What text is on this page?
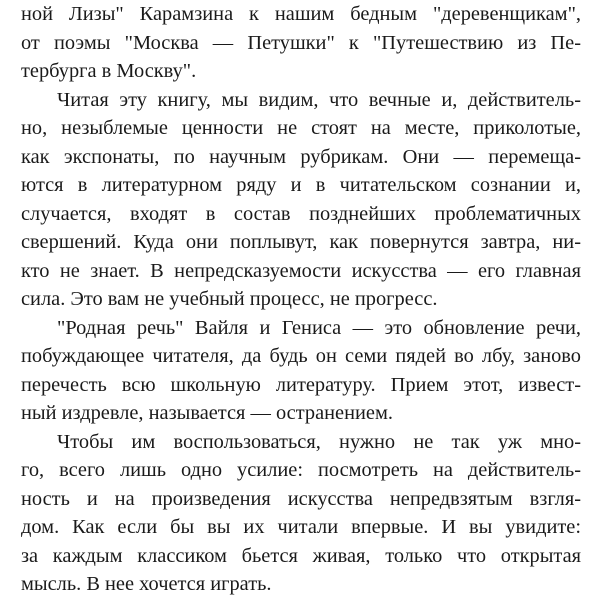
ной Лизы" Карамзина к нашим бедным "деревенщикам",
от поэмы "Москва — Петушки" к "Путешествию из Пе-
тербурга в Москву".
Читая эту книгу, мы видим, что вечные и, действитель-
но, незыблемые ценности не стоят на месте, приколотые,
как экспонаты, по научным рубрикам. Они — перемеща-
ются в литературном ряду и в читательском сознании и,
случается, входят в состав позднейших проблематичных
свершений. Куда они поплывут, как повернутся завтра, ни-
кто не знает. В непредсказуемости искусства — его главная
сила. Это вам не учебный процесс, не прогресс.
"Родная речь" Вайля и Гениса — это обновление речи,
побуждающее читателя, да будь он семи пядей во лбу, заново
перечесть всю школьную литературу. Прием этот, извест-
ный издревле, называется — остранением.
Чтобы им воспользоваться, нужно не так уж мно-
го, всего лишь одно усилие: посмотреть на действитель-
ность и на произведения искусства непредвзятым взгля-
дом. Как если бы вы их читали впервые. И вы увидите:
за каждым классиком бьется живая, только что открытая
мысль. В нее хочется играть.
